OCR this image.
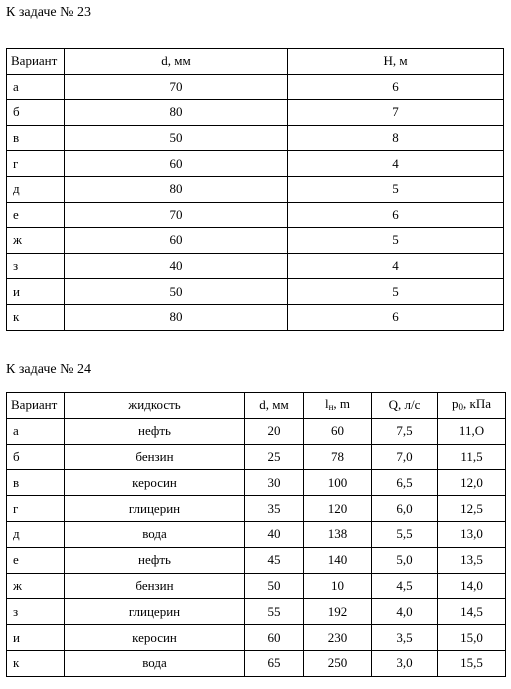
К задаче № 23
Вариант	d, мм	H, м
а	70	6
б	80	7
в	50	8
г	60	4
д	80	5
е	70	6
ж	60	5
з	40	4
и	50	5
к	80	6
К задаче № 24
Вариант	жидкость	d, мм	$l_н$, m	Q, л/с	$p_0$, кПа
а	нефть	20	60	7,5	11,О
б	бензин	25	78	7,0	11,5
в	керосин	30	100	6,5	12,0
г	глицерин	35	120	6,0	12,5
д	вода	40	138	5,5	13,0
е	нефть	45	140	5,0	13,5
ж	бензин	50	10	4,5	14,0
з	глицерин	55	192	4,0	14,5
и	керосин	60	230	3,5	15,0
к	вода	65	250	3,0	15,5
